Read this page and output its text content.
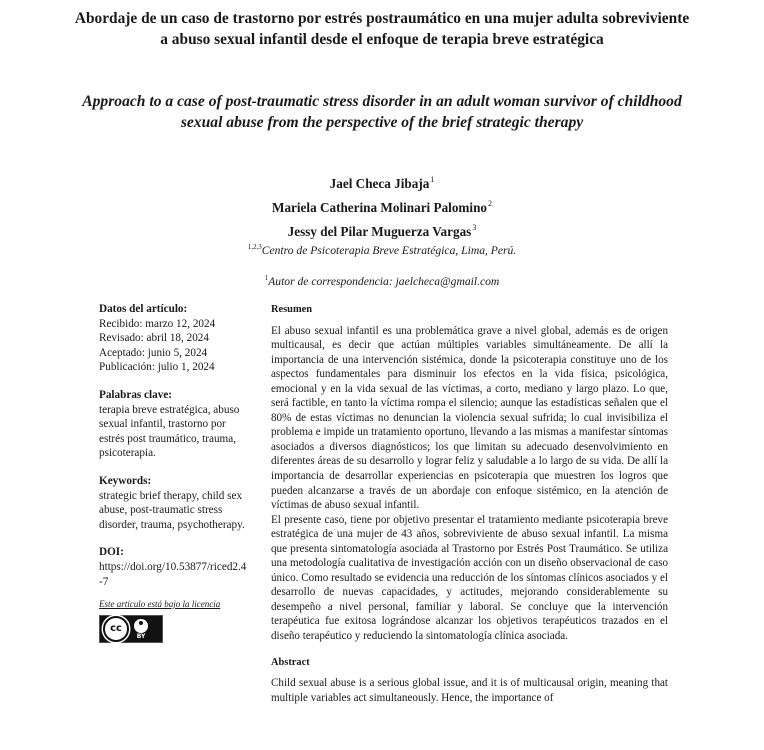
Abordaje de un caso de trastorno por estrés postraumático en una mujer adulta sobreviviente a abuso sexual infantil desde el enfoque de terapia breve estratégica
Approach to a case of post-traumatic stress disorder in an adult woman survivor of childhood sexual abuse from the perspective of the brief strategic therapy
Jael Checa Jibaja$^1$
Mariela Catherina Molinari Palomino$^2$
Jessy del Pilar Muguerza Vargas$^3$
$^{1,2,3}$Centro de Psicoterapia Breve Estratégica, Lima, Perú.
$^1$Autor de correspondencia: jaelcheca@gmail.com
Datos del artículo:
Recibido: marzo 12, 2024
Revisado: abril 18, 2024
Aceptado: junio 5, 2024
Publicación: julio 1, 2024
Palabras clave:
terapia breve estratégica, abuso sexual infantil, trastorno por estrés post traumático, trauma, psicoterapia.
Keywords:
strategic brief therapy, child sex abuse, post-traumatic stress disorder, trauma, psychotherapy.
DOI:
https://doi.org/10.53877/riced2.4-7
Este artículo está bajo la licencia
cc
BY
Resumen
El abuso sexual infantil es una problemática grave a nivel global, además es de origen multicausal, es decir que actúan múltiples variables simultáneamente. De allí la importancia de una intervención sistémica, donde la psicoterapia constituye uno de los aspectos fundamentales para disminuir los efectos en la vida física, psicológica, emocional y en la vida sexual de las víctimas, a corto, mediano y largo plazo. Lo que, será factible, en tanto la víctima rompa el silencio; aunque las estadísticas señalen que el 80% de estas víctimas no denuncian la violencia sexual sufrida; lo cual invisibiliza el problema e impide un tratamiento oportuno, llevando a las mismas a manifestar síntomas asociados a diversos diagnósticos; los que limitan su adecuado desenvolvimiento en diferentes áreas de su desarrollo y lograr feliz y saludable a lo largo de su vida. De allí la importancia de desarrollar experiencias en psicoterapia que muestren los logros que pueden alcanzarse a través de un abordaje con enfoque sistémico, en la atención de víctimas de abuso sexual infantil.
El presente caso, tiene por objetivo presentar el tratamiento mediante psicoterapia breve estratégica de una mujer de 43 años, sobreviviente de abuso sexual infantil. La misma que presenta sintomatología asociada al Trastorno por Estrés Post Traumático. Se utiliza una metodología cualitativa de investigación acción con un diseño observacional de caso único. Como resultado se evidencia una reducción de los síntomas clínicos asociados y el desarrollo de nuevas capacidades, y actitudes, mejorando considerablemente su desempeño a nivel personal, familiar y laboral. Se concluye que la intervención terapéutica fue exitosa lográndose alcanzar los objetivos terapéuticos trazados en el diseño terapéutico y reduciendo la sintomatología clínica asociada.
Abstract
Child sexual abuse is a serious global issue, and it is of multicausal origin, meaning that multiple variables act simultaneously. Hence, the importance of
